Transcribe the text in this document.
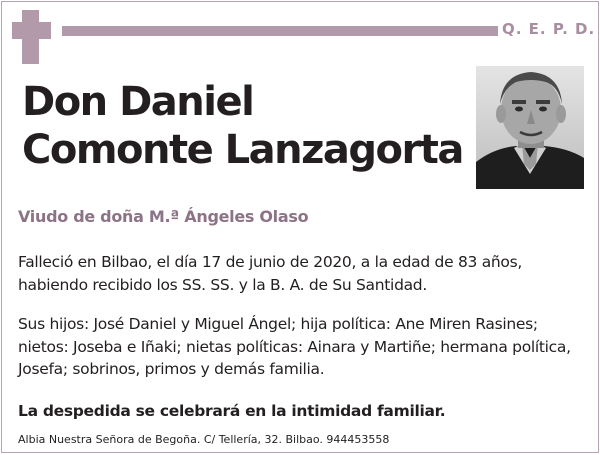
Q. E. P. D.
Don Daniel
Comonte Lanzagorta
Viudo de doña M.ª Ángeles Olaso
Falleció en Bilbao, el día 17 de junio de 2020, a la edad de 83 años, habiendo recibido los SS. SS. y la B. A. de Su Santidad.
Sus hijos: José Daniel y Miguel Ángel; hija política: Ane Miren Rasines; nietos: Joseba e Iñaki; nietas políticas: Ainara y Martiñe; hermana política, Josefa; sobrinos, primos y demás familia.
La despedida se celebrará en la intimidad familiar.
Albia Nuestra Señora de Begoña. C/ Tellería, 32. Bilbao. 944453558
